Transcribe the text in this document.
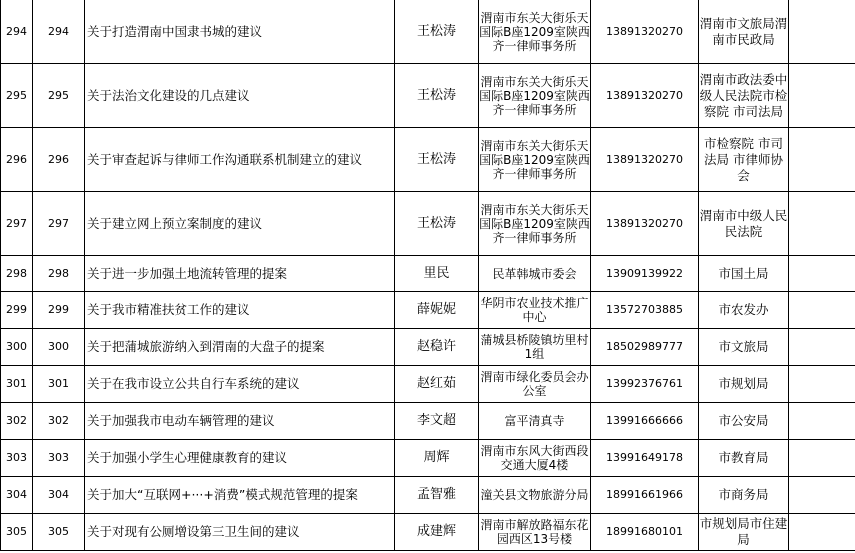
294	294	关于打造渭南中国隶书城的建议	王松涛	渭南市东关大街乐天国际B座1209室陕西齐一律师事务所	13891320270	渭南市文旅局渭南市民政局	
295	295	关于法治文化建设的几点建议	王松涛	渭南市东关大街乐天国际B座1209室陕西齐一律师事务所	13891320270	渭南市政法委中级人民法院市检察院 市司法局	
296	296	关于审查起诉与律师工作沟通联系机制建立的建议	王松涛	渭南市东关大街乐天国际B座1209室陕西齐一律师事务所	13891320270	市检察院 市司法局 市律师协会	
297	297	关于建立网上预立案制度的建议	王松涛	渭南市东关大街乐天国际B座1209室陕西齐一律师事务所	13891320270	渭南市中级人民民法院	
298	298	关于进一步加强土地流转管理的提案	里民	民革韩城市委会	13909139922	市国土局	
299	299	关于我市精准扶贫工作的建议	薛妮妮	华阴市农业技术推广中心	13572703885	市农发办	
300	300	关于把蒲城旅游纳入到渭南的大盘子的提案	赵稳许	蒲城县桥陵镇坊里村1组	18502989777	市文旅局	
301	301	关于在我市设立公共自行车系统的建议	赵红茹	渭南市绿化委员会办公室	13992376761	市规划局	
302	302	关于加强我市电动车辆管理的建议	李文超	富平清真寺	13991666666	市公安局	
303	303	关于加强小学生心理健康教育的建议	周辉	渭南市东风大街西段交通大厦4楼	13991649178	市教育局	
304	304	关于加大“互联网+···+消费”模式规范管理的提案	孟智雅	潼关县文物旅游分局	18991661966	市商务局	
305	305	关于对现有公厕增设第三卫生间的建议	成建辉	渭南市解放路福东花园西区13号楼	18991680101	市规划局市住建局	
